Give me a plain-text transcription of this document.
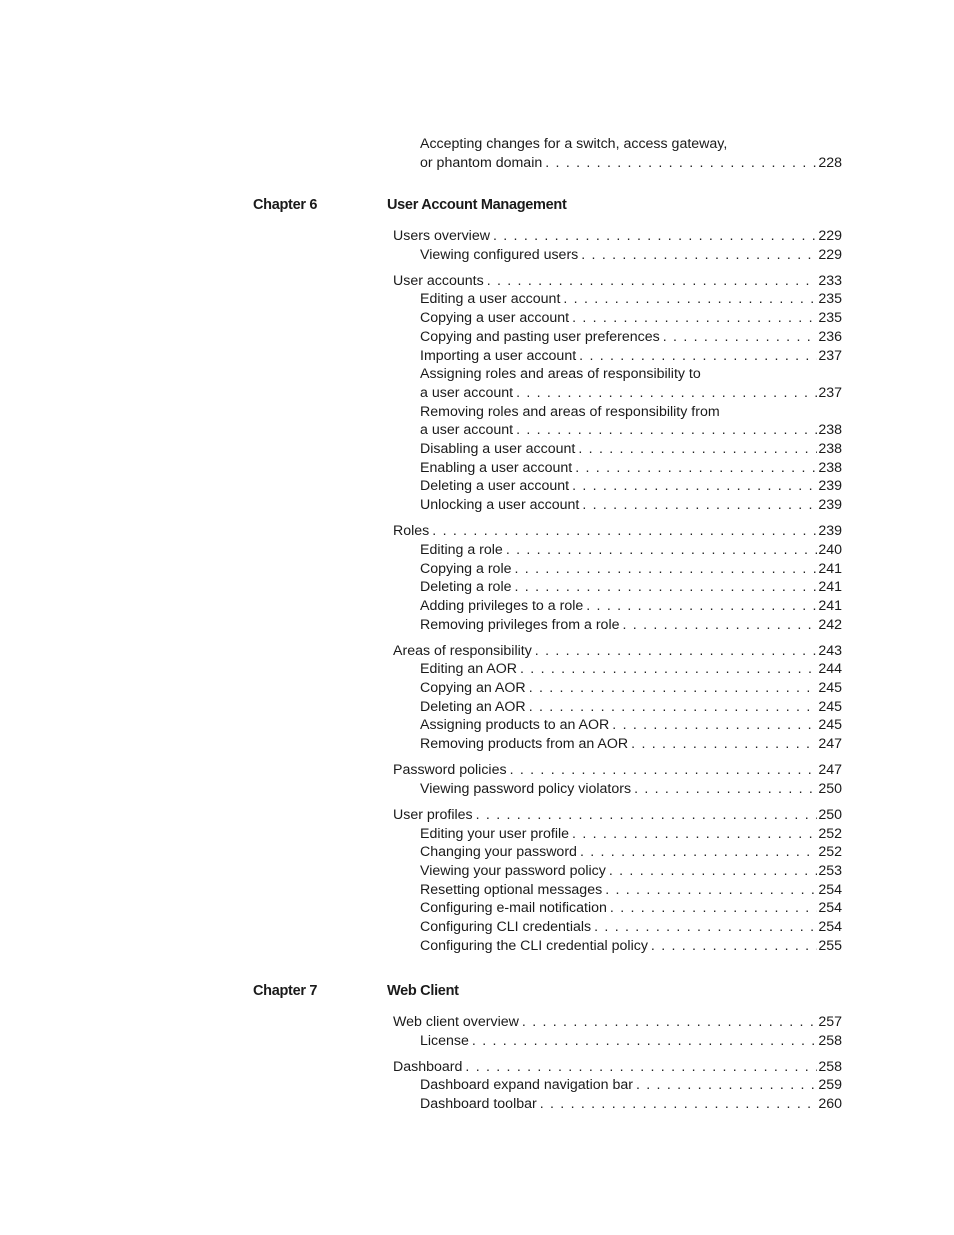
Accepting changes for a switch, access gateway,
or phantom domain . . .	228
Chapter 6	User Account Management
Users overview . . .	229
Viewing configured users . . .	229
User accounts . . .	233
Editing a user account . . .	235
Copying a user account . . .	235
Copying and pasting user preferences . . .	236
Importing a user account . . .	237
Assigning roles and areas of responsibility to
a user account . . .	237
Removing roles and areas of responsibility from
a user account . . .	238
Disabling a user account . . .	238
Enabling a user account . . .	238
Deleting a user account . . .	239
Unlocking a user account . . .	239
Roles . . .	239
Editing a role . . .	240
Copying a role . . .	241
Deleting a role . . .	241
Adding privileges to a role . . .	241
Removing privileges from a role . . .	242
Areas of responsibility . . .	243
Editing an AOR . . .	244
Copying an AOR . . .	245
Deleting an AOR . . .	245
Assigning products to an AOR . . .	245
Removing products from an AOR . . .	247
Password policies . . .	247
Viewing password policy violators . . .	250
User profiles . . .	250
Editing your user profile . . .	252
Changing your password . . .	252
Viewing your password policy . . .	253
Resetting optional messages . . .	254
Configuring e-mail notification . . .	254
Configuring CLI credentials . . .	254
Configuring the CLI credential policy . . .	255
Chapter 7	Web Client
Web client overview . . .	257
License . . .	258
Dashboard . . .	258
Dashboard expand navigation bar . . .	259
Dashboard toolbar . . .	260
